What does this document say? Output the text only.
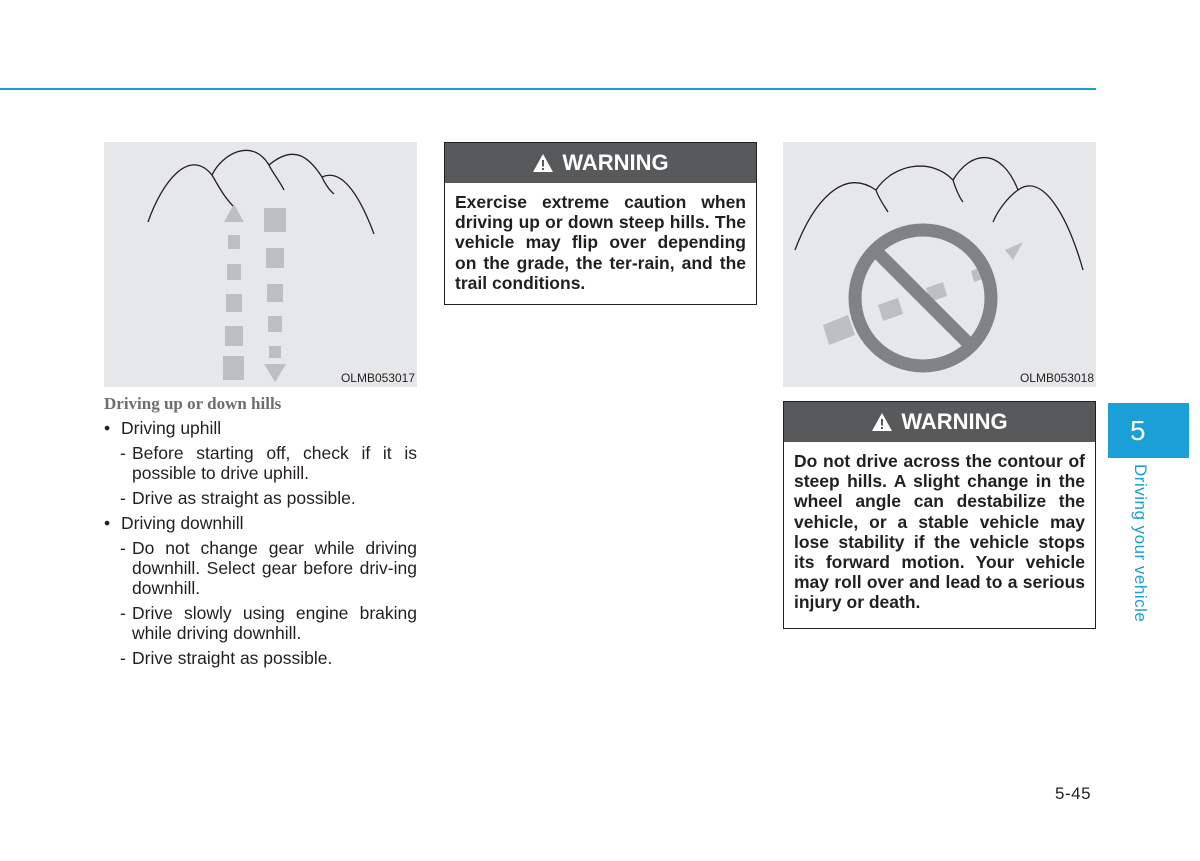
OLMB053017
Driving up or down hills
• Driving uphill
- Before starting off, check if it is possible to drive uphill.
- Drive as straight as possible.
• Driving downhill
- Do not change gear while driving downhill. Select gear before driv-ing downhill.
- Drive slowly using engine braking while driving downhill.
- Drive straight as possible.
WARNING
Exercise extreme caution when driving up or down steep hills. The vehicle may flip over depending on the grade, the ter-rain, and the trail conditions.
OLMB053018
WARNING
Do not drive across the contour of steep hills. A slight change in the wheel angle can destabilize the vehicle, or a stable vehicle may lose stability if the vehicle stops its forward motion. Your vehicle may roll over and lead to a serious injury or death.
5
Driving your vehicle
5-45
